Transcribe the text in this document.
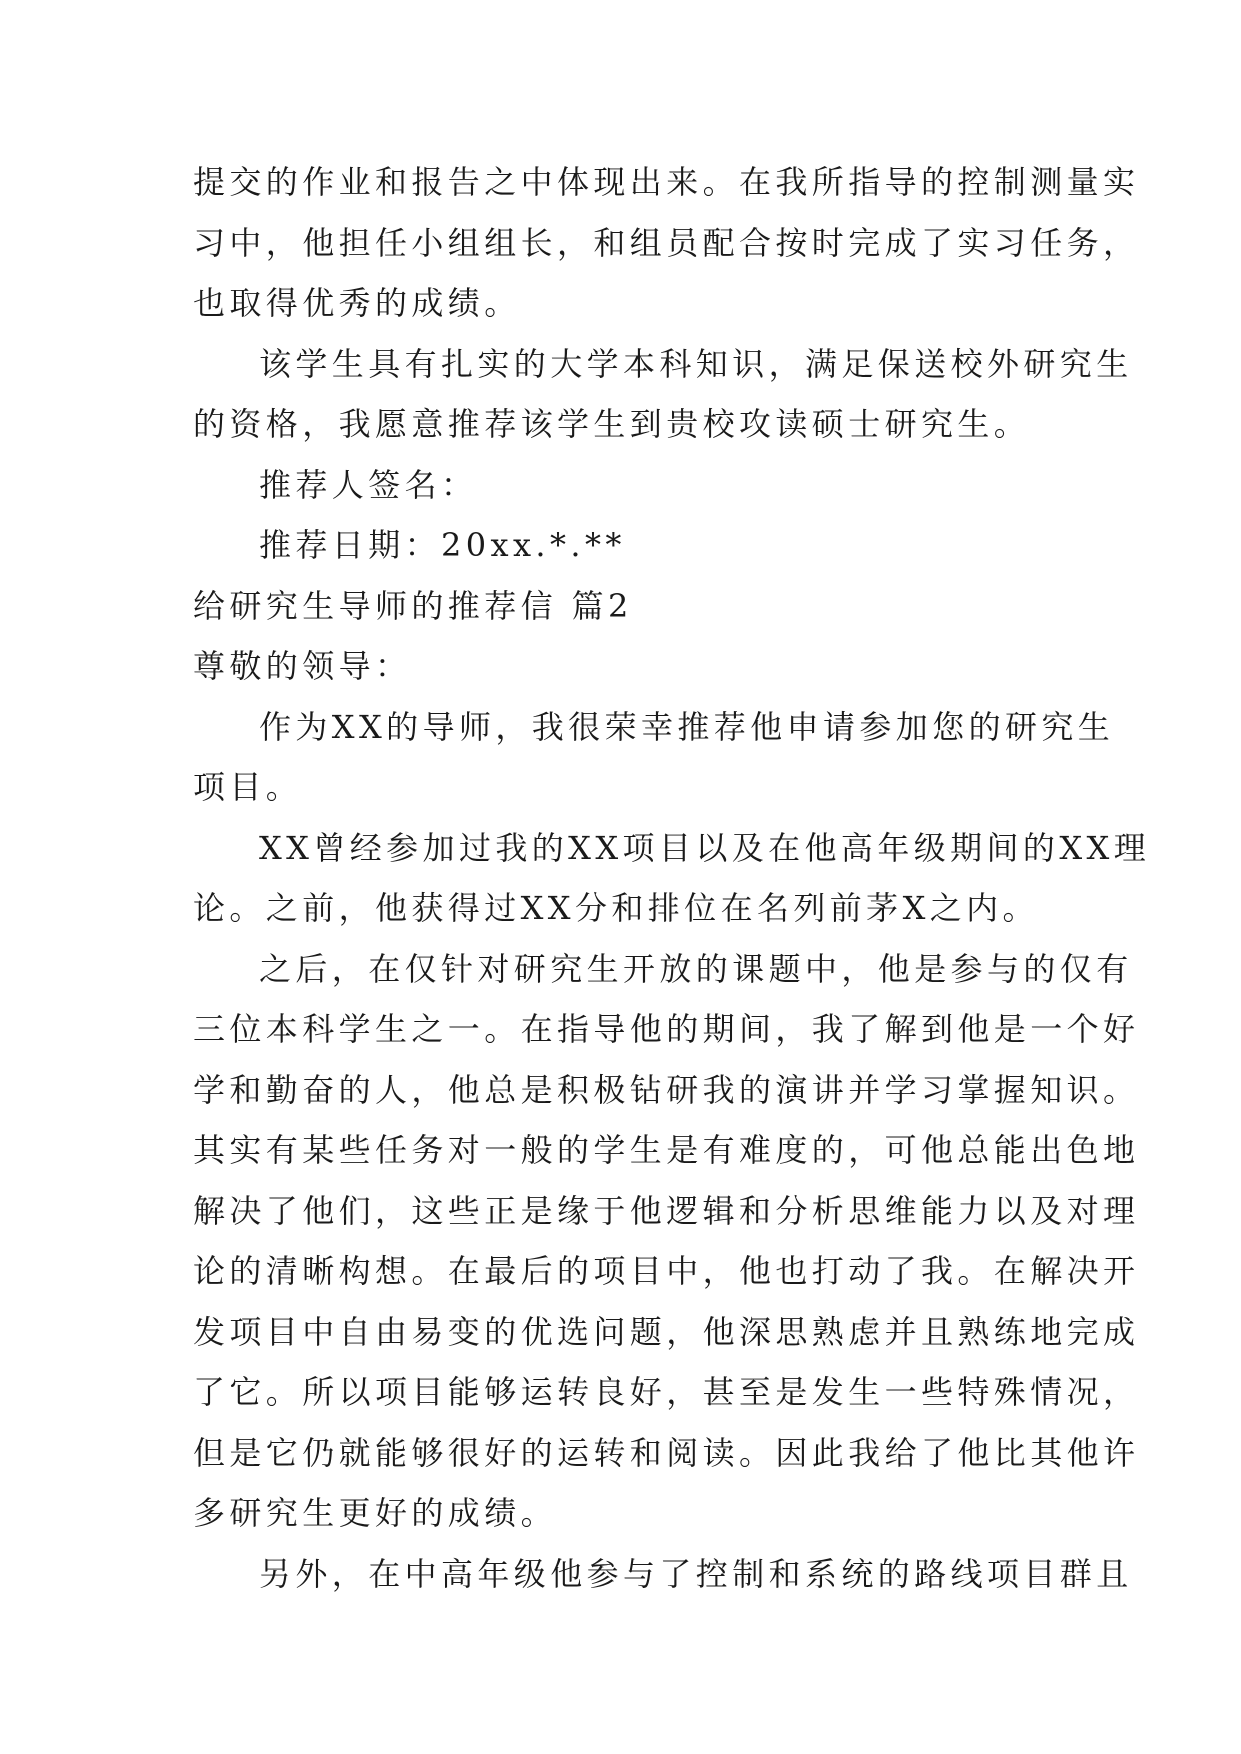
提交的作业和报告之中体现出来。在我所指导的控制测量实
习中，他担任小组组长，和组员配合按时完成了实习任务，
也取得优秀的成绩。
该学生具有扎实的大学本科知识，满足保送校外研究生
的资格，我愿意推荐该学生到贵校攻读硕士研究生。
推荐人签名：
推荐日期：20xx.*.**
给研究生导师的推荐信 篇2
尊敬的领导：
作为XX的导师，我很荣幸推荐他申请参加您的研究生
项目。
XX曾经参加过我的XX项目以及在他高年级期间的XX理
论。之前，他获得过XX分和排位在名列前茅X之内。
之后，在仅针对研究生开放的课题中，他是参与的仅有
三位本科学生之一。在指导他的期间，我了解到他是一个好
学和勤奋的人，他总是积极钻研我的演讲并学习掌握知识。
其实有某些任务对一般的学生是有难度的，可他总能出色地
解决了他们，这些正是缘于他逻辑和分析思维能力以及对理
论的清晰构想。在最后的项目中，他也打动了我。在解决开
发项目中自由易变的优选问题，他深思熟虑并且熟练地完成
了它。所以项目能够运转良好，甚至是发生一些特殊情况，
但是它仍就能够很好的运转和阅读。因此我给了他比其他许
多研究生更好的成绩。
另外，在中高年级他参与了控制和系统的路线项目群且
